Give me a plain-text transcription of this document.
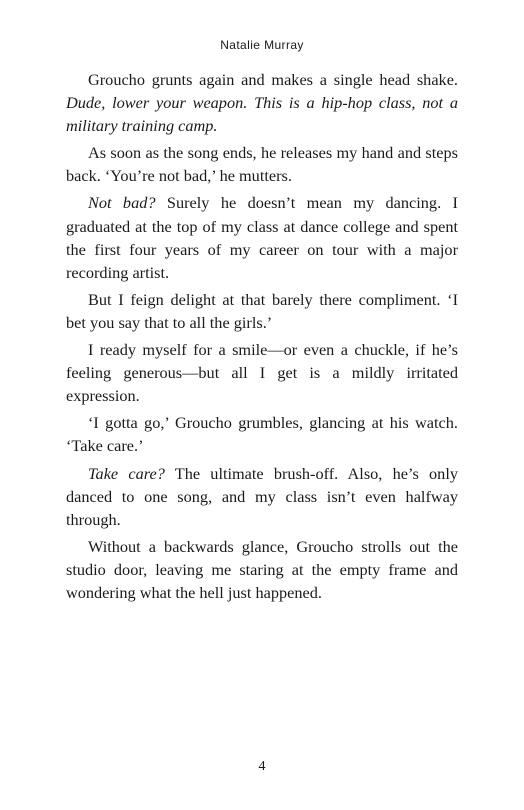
Natalie Murray

Groucho grunts again and makes a single head shake. Dude, lower your weapon. This is a hip-hop class, not a military training camp.

As soon as the song ends, he releases my hand and steps back. ‘You’re not bad,’ he mutters.

Not bad? Surely he doesn’t mean my dancing. I graduated at the top of my class at dance college and spent the first four years of my career on tour with a major recording artist.

But I feign delight at that barely there compliment. ‘I bet you say that to all the girls.’

I ready myself for a smile—or even a chuckle, if he’s feeling generous—but all I get is a mildly irritated expression.

‘I gotta go,’ Groucho grumbles, glancing at his watch. ‘Take care.’

Take care? The ultimate brush-off. Also, he’s only danced to one song, and my class isn’t even halfway through.

Without a backwards glance, Groucho strolls out the studio door, leaving me staring at the empty frame and wondering what the hell just happened.

4
